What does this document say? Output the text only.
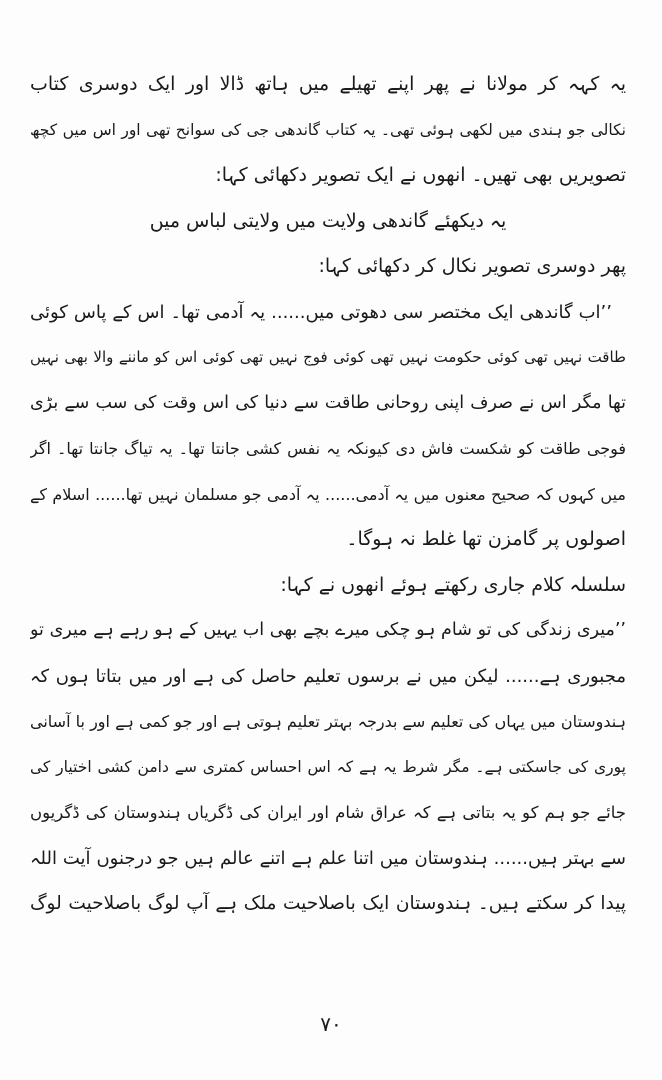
یہ کہہ کر مولانا نے پھر اپنے تھیلے میں ہاتھ ڈالا اور ایک دوسری کتاب
نکالی جو ہندی میں لکھی ہوئی تھی۔ یہ کتاب گاندھی جی کی سوانح تھی اور اس میں کچھ
تصویریں بھی تھیں۔ انھوں نے ایک تصویر دکھائی کہا:
یہ دیکھئے گاندھی ولایت میں ولایتی لباس میں
پھر دوسری تصویر نکال کر دکھائی کہا:
’’اب گاندھی ایک مختصر سی دھوتی میں...... یہ آدمی تھا۔ اس کے پاس کوئی
طاقت نہیں تھی کوئی حکومت نہیں تھی کوئی فوج نہیں تھی کوئی اس کو ماننے والا بھی نہیں
تھا مگر اس نے صرف اپنی روحانی طاقت سے دنیا کی اس وقت کی سب سے بڑی
فوجی طاقت کو شکست فاش دی کیونکہ یہ نفس کشی جانتا تھا۔ یہ تیاگ جانتا تھا۔ اگر
میں کہوں کہ صحیح معنوں میں یہ آدمی...... یہ آدمی جو مسلمان نہیں تھا...... اسلام کے
اصولوں پر گامزن تھا غلط نہ ہوگا۔
سلسلہ کلام جاری رکھتے ہوئے انھوں نے کہا:
’’میری زندگی کی تو شام ہو چکی میرے بچے بھی اب یہیں کے ہو رہے ہے میری تو
مجبوری ہے...... لیکن میں نے برسوں تعلیم حاصل کی ہے اور میں بتاتا ہوں کہ
ہندوستان میں یہاں کی تعلیم سے بدرجہ بہتر تعلیم ہوتی ہے اور جو کمی ہے اور با آسانی
پوری کی جاسکتی ہے۔ مگر شرط یہ ہے کہ اس احساس کمتری سے دامن کشی اختیار کی
جائے جو ہم کو یہ بتاتی ہے کہ عراق شام اور ایران کی ڈگریاں ہندوستان کی ڈگریوں
سے بہتر ہیں...... ہندوستان میں اتنا علم ہے اتنے عالم ہیں جو درجنوں آیت اللہ
پیدا کر سکتے ہیں۔ ہندوستان ایک باصلاحیت ملک ہے آپ لوگ باصلاحیت لوگ
۷۰
